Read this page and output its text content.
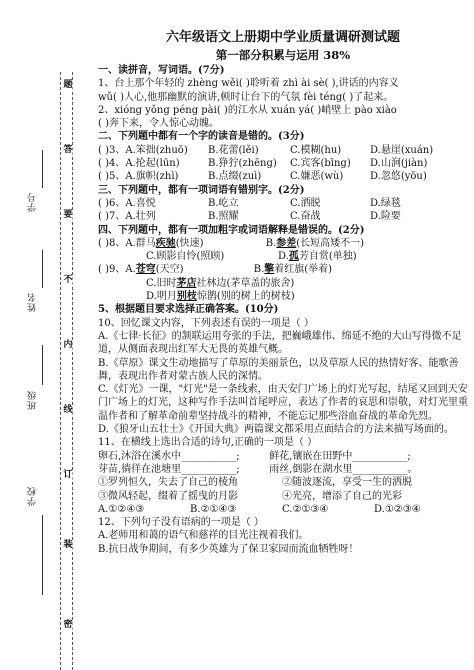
题
答
要
不
内
线
订
装
密
学号
姓名
班级
学校

六年级语文上册期中学业质量调研测试题

第一部分积累与运用 38%

一、读拼音，写词语。(7分)

1、台上那个年轻的 zhèng wěi( )聆听着 zhì ài sè( ),讲话的内容义

wǔ( )人心,他那幽默的演讲,顿时让台下的气氛 fèi téng( )了起来。

2、xióng yǒng péng pài( )的江水从 xuán yá( )峭壁上 pào xiào

( )奔下来，令人惊心动魄。

二、下列题中都有一个字的读音是错的。(3分)

( )3、A.笨拙(zhuō)	B.花蕾(lěi)	C.模糊(hu)	D.悬崖(xuán)
( )4、A.抡起(lūn)	B.狰狞(zhēng)	C.宾客(bīng)	D.山涧(jiàn)
( )5、A.旗帜(zhì)	B.点缀(zuì)	C.嫌恶(wù)	D.忽悠(yōu)

三、下列题中，都有一项词语有错别字。(2分)

( )6、A.喜悦	B.屹立	C.洒脱	D.绿毯
( )7、A.壮列	B.照耀	C.奋战	D.险要

四、下列题中，都有一项加粗字或词语解释是错误的。(2分)

( )8、A.群马 疾驰 (快速)	B. 参差 (长短高矮不一)
C.顾影自怜(照顾)	D. 孤 芳自赏(单独)
( )9、A. 苍穹 (天空)	B. 擎 着红旗(举着)
C.旧时 茅店 社林边(茅草盖的旅舍)
D.明月 别枝 惊鹊(别的树上的树枝)

5、根据题目要求选择正确答案。(10分)

10、回忆课文内容，下列表述有误的一项是（ ）

A.《七律·长征》的颔联运用夸张的手法，把巍峨雄伟、绵延不绝的大山写得微不足道，从侧面表现出红军大无畏的英雄气概。

B.《草原》课文生动地描写了草原的美丽景色，以及草原人民的热情好客、能歌善舞，表现出作者对蒙古族人民的深情。

C.《灯光》一课，"灯光"是一条线索，由天安门广场上的灯光写起，结尾又回到天安门广场上的灯光，这种写作手法叫首尾呼应，表达了作者的哀思和崇敬，对灯光里重温作者和了解革命前辈坚持战斗的精神，不能忘记那些浴血奋战的革命先烈。

D.《狼牙山五壮士》《开国大典》两篇课文都采用点面结合的方法来描写场面的。

11、在横线上选出合适的诗句,正确的一项是（ ）

卵石,沐浴在溪水中 ___________;	鲜花,镶嵌在田野中 ___________;
芽苗,徜徉在池塘里 ___________;	雨丝,倒影在湖水里 ___________。
①罗列恒久，失去了自己的棱角	②随波逐流，享受一生的洒脱
③微风轻起，缀着了摇曳的月影	④光亮，增添了自己的光彩
A.①②④③	B.②①④③	C.②①③④	D.①②③④

12、下列句子没有语病的一项是（ ）

A.老师用和蔼的语气和慈祥的目光注视着我们。

B.抗日战争期间，有多少英雄为了保卫家园而流血牺牲呀！
